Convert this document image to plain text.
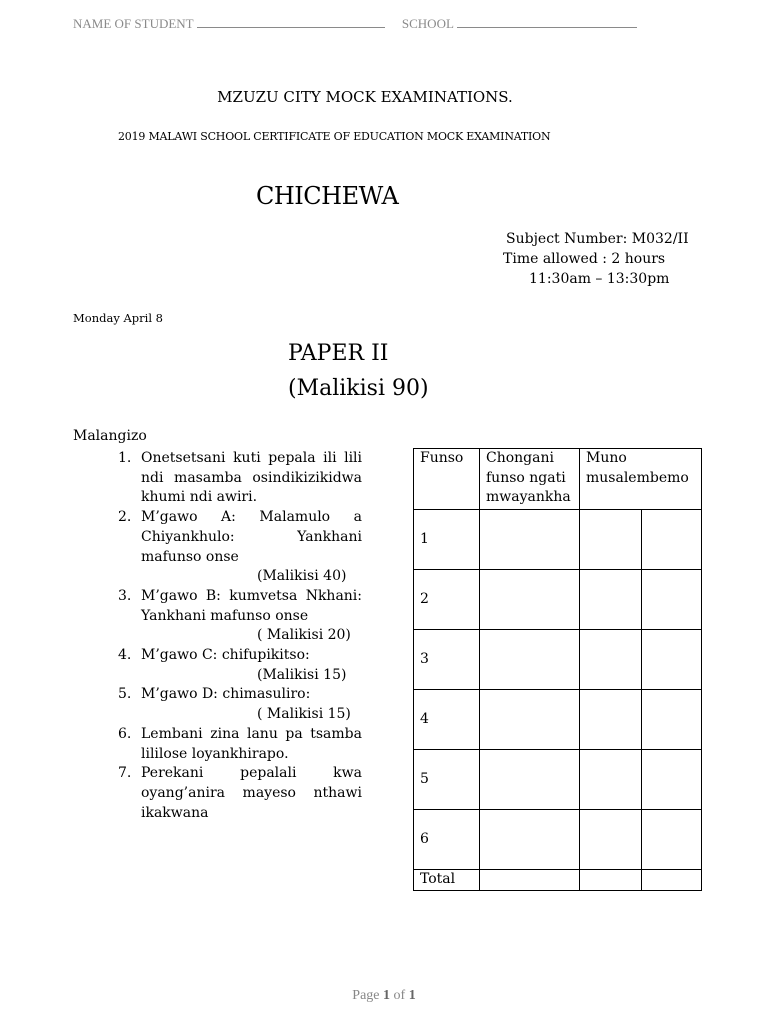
NAME OF STUDENT	SCHOOL
MZUZU CITY MOCK EXAMINATIONS.
2019 MALAWI SCHOOL CERTIFICATE OF EDUCATION MOCK EXAMINATION
CHICHEWA
Subject Number: M032/II
Time allowed : 2 hours
11:30am – 13:30pm
Monday April 8
PAPER II
(Malikisi 90)
Malangizo
1. Onetsetsani kuti pepala ili lili ndi masamba osindikizikidwa khumi ndi awiri.
2. M’gawo A: Malamulo a Chiyankhulo: Yankhani mafunso onse
(Malikisi 40)
3. M’gawo B: kumvetsa Nkhani: Yankhani mafunso onse
( Malikisi 20)
4. M’gawo C: chifupikitso:
(Malikisi 15)
5. M’gawo D: chimasuliro:
( Malikisi 15)
6. Lembani zina lanu pa tsamba lililose loyankhirapo.
7. Perekani pepalali kwa oyang’anira mayeso nthawi ikakwana
Funso	Chongani funso ngati mwayankha	Muno musalembemo	
1			
2			
3			
4			
5			
6			
Total			
Page 1 of 1
